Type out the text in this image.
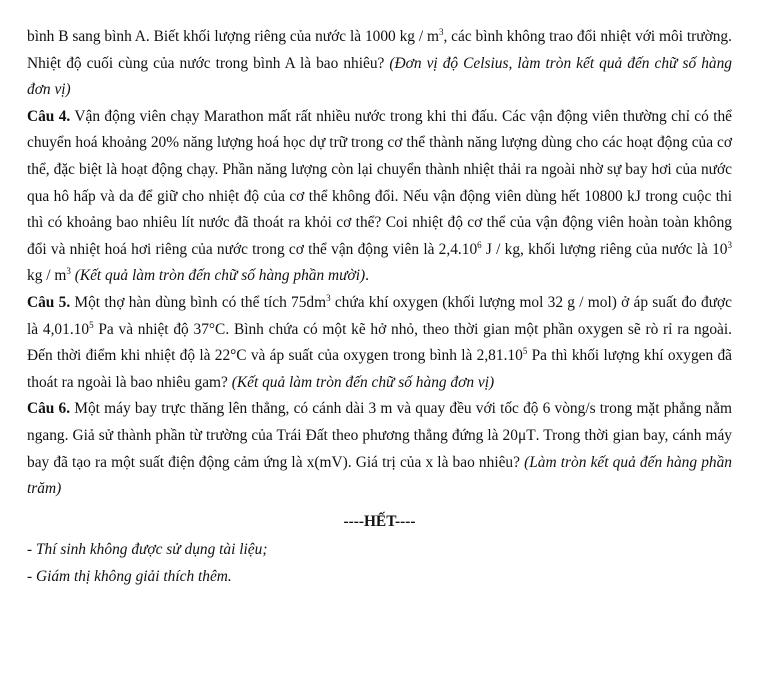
bình B sang bình A. Biết khối lượng riêng của nước là 1000 kg / $m^3$, các bình không trao đổi nhiệt với môi trường. Nhiệt độ cuối cùng của nước trong bình A là bao nhiêu? (Đơn vị độ Celsius, làm tròn kết quả đến chữ số hàng đơn vị)

Câu 4. Vận động viên chạy Marathon mất rất nhiều nước trong khi thi đấu. Các vận động viên thường chỉ có thể chuyển hoá khoảng 20% năng lượng hoá học dự trữ trong cơ thể thành năng lượng dùng cho các hoạt động của cơ thể, đặc biệt là hoạt động chạy. Phần năng lượng còn lại chuyển thành nhiệt thải ra ngoài nhờ sự bay hơi của nước qua hô hấp và da để giữ cho nhiệt độ của cơ thể không đổi. Nếu vận động viên dùng hết 10800 kJ trong cuộc thi thì có khoảng bao nhiêu lít nước đã thoát ra khỏi cơ thể? Coi nhiệt độ cơ thể của vận động viên hoàn toàn không đổi và nhiệt hoá hơi riêng của nước trong cơ thể vận động viên là 2,4.10$^6$ J / kg, khối lượng riêng của nước là $10^3$ kg / $m^3$ (Kết quả làm tròn đến chữ số hàng phần mười).

Câu 5. Một thợ hàn dùng bình có thể tích $75dm^3$ chứa khí oxygen (khối lượng mol 32 g / mol) ở áp suất đo được là 4,01.10$^5$ Pa và nhiệt độ 37°C. Bình chứa có một kẽ hở nhỏ, theo thời gian một phần oxygen sẽ rò rỉ ra ngoài. Đến thời điểm khi nhiệt độ là 22°C và áp suất của oxygen trong bình là 2,81.10$^5$ Pa thì khối lượng khí oxygen đã thoát ra ngoài là bao nhiêu gam? (Kết quả làm tròn đến chữ số hàng đơn vị)

Câu 6. Một máy bay trực thăng lên thẳng, có cánh dài 3 m và quay đều với tốc độ 6 vòng/s trong mặt phẳng nằm ngang. Giả sử thành phần từ trường của Trái Đất theo phương thẳng đứng là 20μT. Trong thời gian bay, cánh máy bay đã tạo ra một suất điện động cảm ứng là x(mV). Giá trị của x là bao nhiêu? (Làm tròn kết quả đến hàng phần trăm)

----HẾT----

- Thí sinh không được sử dụng tài liệu;

- Giám thị không giải thích thêm.
